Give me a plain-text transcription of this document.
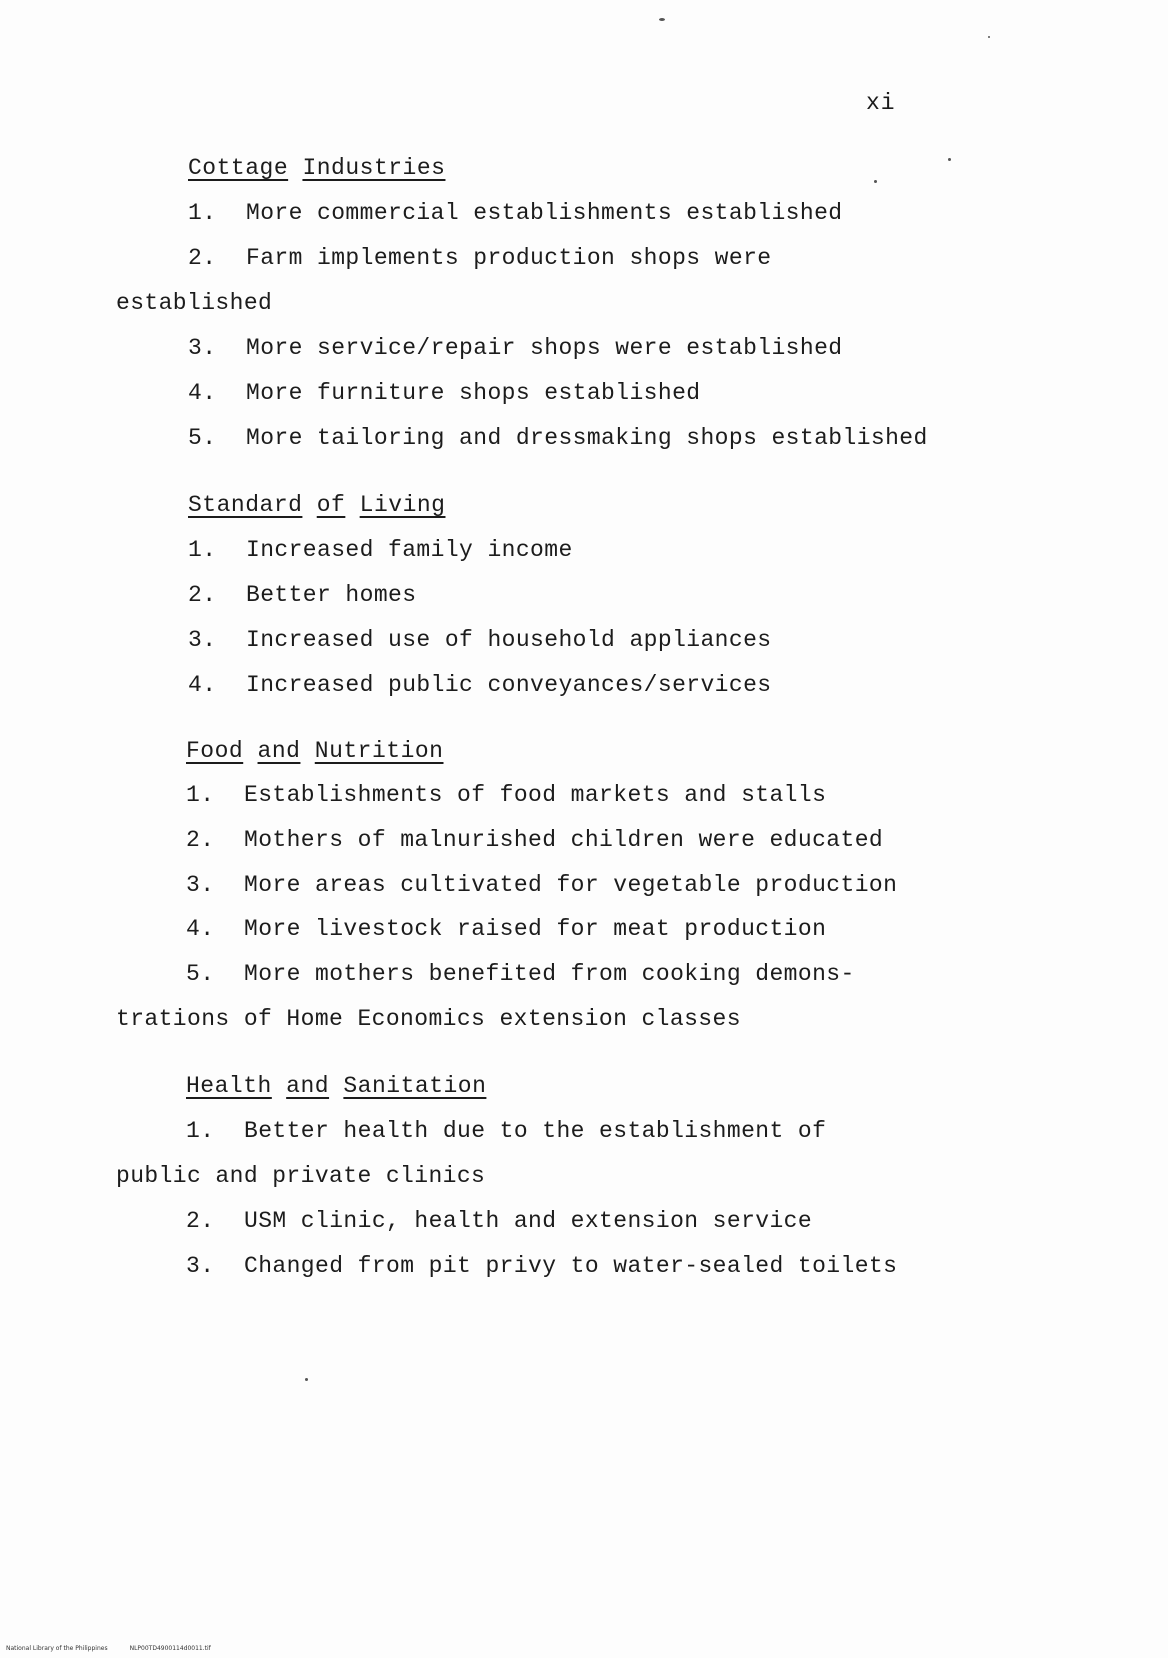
xi
Cottage Industries
1. More commercial establishments established
2. Farm implements production shops were
established
3. More service/repair shops were established
4. More furniture shops established
5. More tailoring and dressmaking shops established
Standard of Living
1. Increased family income
2. Better homes
3. Increased use of household appliances
4. Increased public conveyances/services
Food and Nutrition
1. Establishments of food markets and stalls
2. Mothers of malnurished children were educated
3. More areas cultivated for vegetable production
4. More livestock raised for meat production
5. More mothers benefited from cooking demons-
trations of Home Economics extension classes
Health and Sanitation
1. Better health due to the establishment of
public and private clinics
2. USM clinic, health and extension service
3. Changed from pit privy to water-sealed toilets
National Library of the Philippines	NLP00TD4900114d0011.tif
